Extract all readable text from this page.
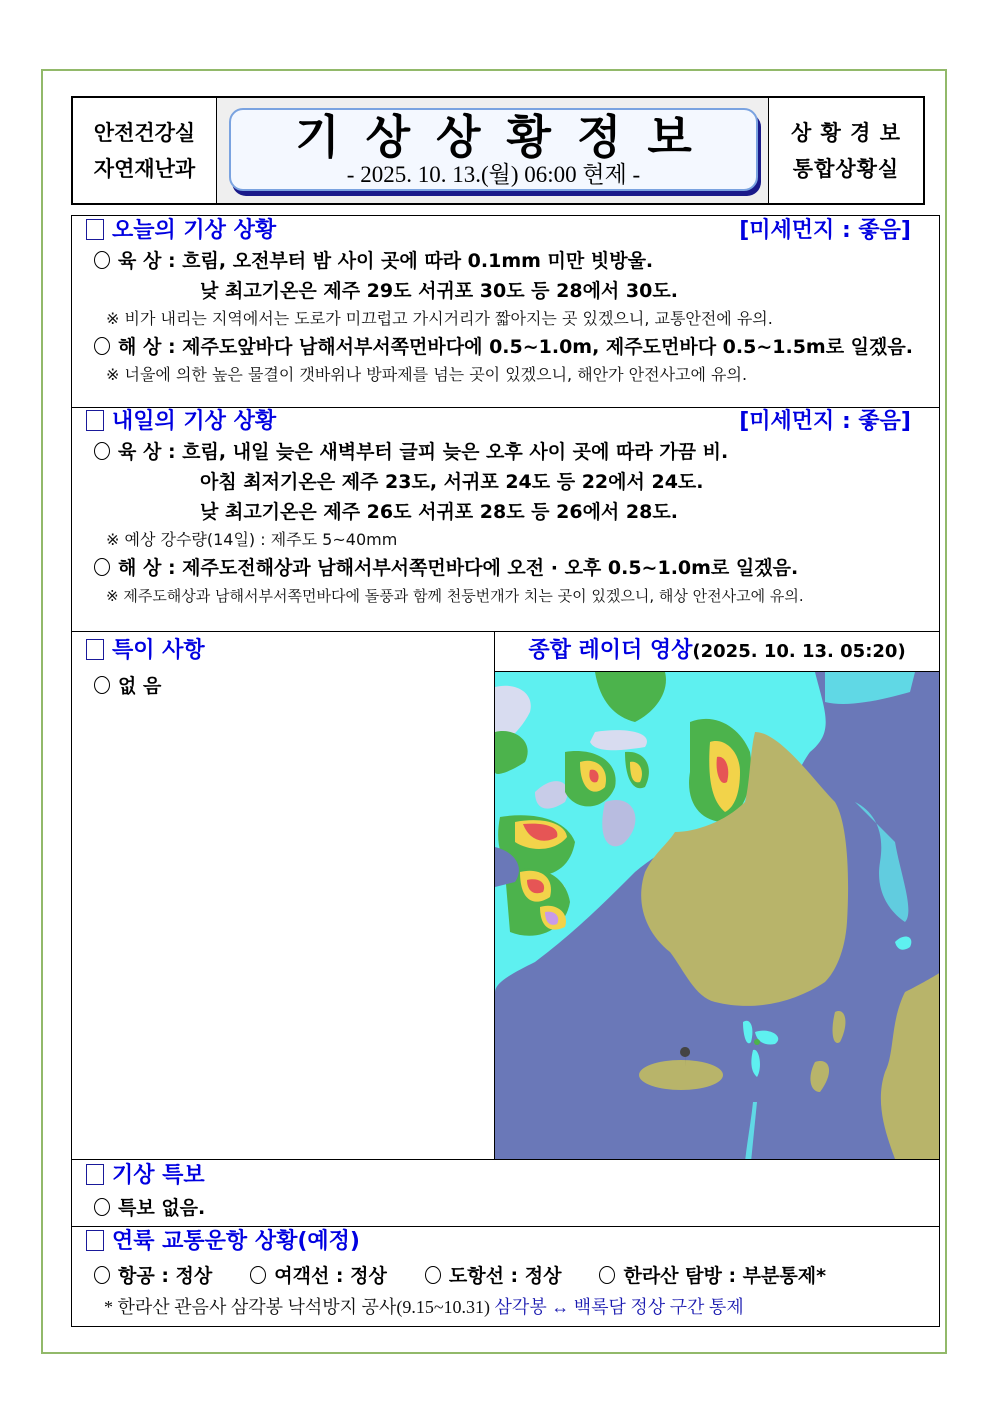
안전건강실
자연재난과
기상상황정보
- 2025. 10. 13.(월) 06:00 현제 -
상 황 경 보
통합상황실
오늘의 기상 상황	[미세먼지 : 좋음]
육 상 : 흐림, 오전부터 밤 사이 곳에 따라 0.1mm 미만 빗방울.
낮 최고기온은 제주 29도 서귀포 30도 등 28에서 30도.
※ 비가 내리는 지역에서는 도로가 미끄럽고 가시거리가 짧아지는 곳 있겠으니, 교통안전에 유의.
해 상 : 제주도앞바다 남해서부서쪽먼바다에 0.5~1.0m, 제주도먼바다 0.5~1.5m로 일겠음.
※ 너울에 의한 높은 물결이 갯바위나 방파제를 넘는 곳이 있겠으니, 해안가 안전사고에 유의.
내일의 기상 상황	[미세먼지 : 좋음]
육 상 : 흐림, 내일 늦은 새벽부터 글피 늦은 오후 사이 곳에 따라 가끔 비.
아침 최저기온은 제주 23도, 서귀포 24도 등 22에서 24도.
낮 최고기온은 제주 26도 서귀포 28도 등 26에서 28도.
※ 예상 강수량(14일) : 제주도 5~40mm
해 상 : 제주도전해상과 남해서부서쪽먼바다에 오전 · 오후 0.5~1.0m로 일겠음.
※ 제주도해상과 남해서부서쪽먼바다에 돌풍과 함께 천둥번개가 치는 곳이 있겠으니, 해상 안전사고에 유의.
특이 사항
없 음
종합 레이더 영상(2025. 10. 13. 05:20)
기상 특보
특보 없음.
연륙 교통운항 상황(예정)
항공 : 정상	여객선 : 정상	도항선 : 정상	한라산 탐방 : 부분통제*
* 한라산 관음사 삼각봉 낙석방지 공사(9.15~10.31) 삼각봉 ↔ 백록담 정상 구간 통제
